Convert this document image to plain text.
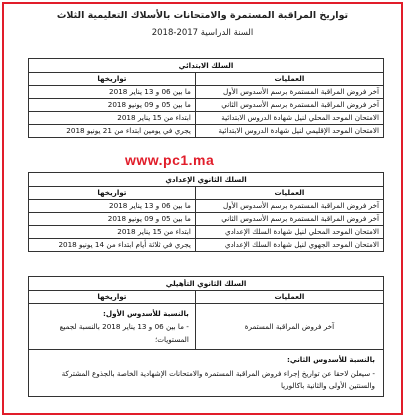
تواريخ المراقبة المستمرة والامتحانات بالأسلاك التعليمية الثلاث
السنة الدراسية 2017-2018
السلك الابتدائي	
العمليات	تواريخها
آخر فروض المراقبة المستمرة برسم الأسدوس الأول	ما بين 06 و 13 يناير 2018
آخر فروض المراقبة المستمرة برسم الأسدوس الثاني	ما بين 05 و 09 يونيو 2018
الامتحان الموحد المحلي لنيل شهادة الدروس الابتدائية	ابتداء من 15 يناير 2018
الامتحان الموحد الإقليمي لنيل شهادة الدروس الابتدائية	يجري في يومين ابتداء من 21 يونيو 2018
www.pc1.ma
السلك الثانوي الإعدادي	
العمليات	تواريخها
آخر فروض المراقبة المستمرة برسم الأسدوس الأول	ما بين 06 و 13 يناير 2018
آخر فروض المراقبة المستمرة برسم الأسدوس الثاني	ما بين 05 و 09 يونيو 2018
الامتحان الموحد المحلي لنيل شهادة السلك الإعدادي	ابتداء من 15 يناير 2018
الامتحان الموحد الجهوي لنيل شهادة السلك الإعدادي	يجري في ثلاثة أيام ابتداء من 14 يونيو 2018
السلك الثانوي التأهيلي	
العمليات	تواريخها
آخر فروض المراقبة المستمرة	بالنسبة للأسدوس الأول:
- ما بين 06 و 13 يناير 2018 بالنسبة لجميع
المستويات؛

بالنسبة للأسدوس الثاني:
- سيعلن لاحقا عن تواريخ إجراء فروض المراقبة المستمرة والامتحانات الإشهادية الخاصة بالجذوع المشتركة
والسنتين الأولى والثانية باكالوريا	
